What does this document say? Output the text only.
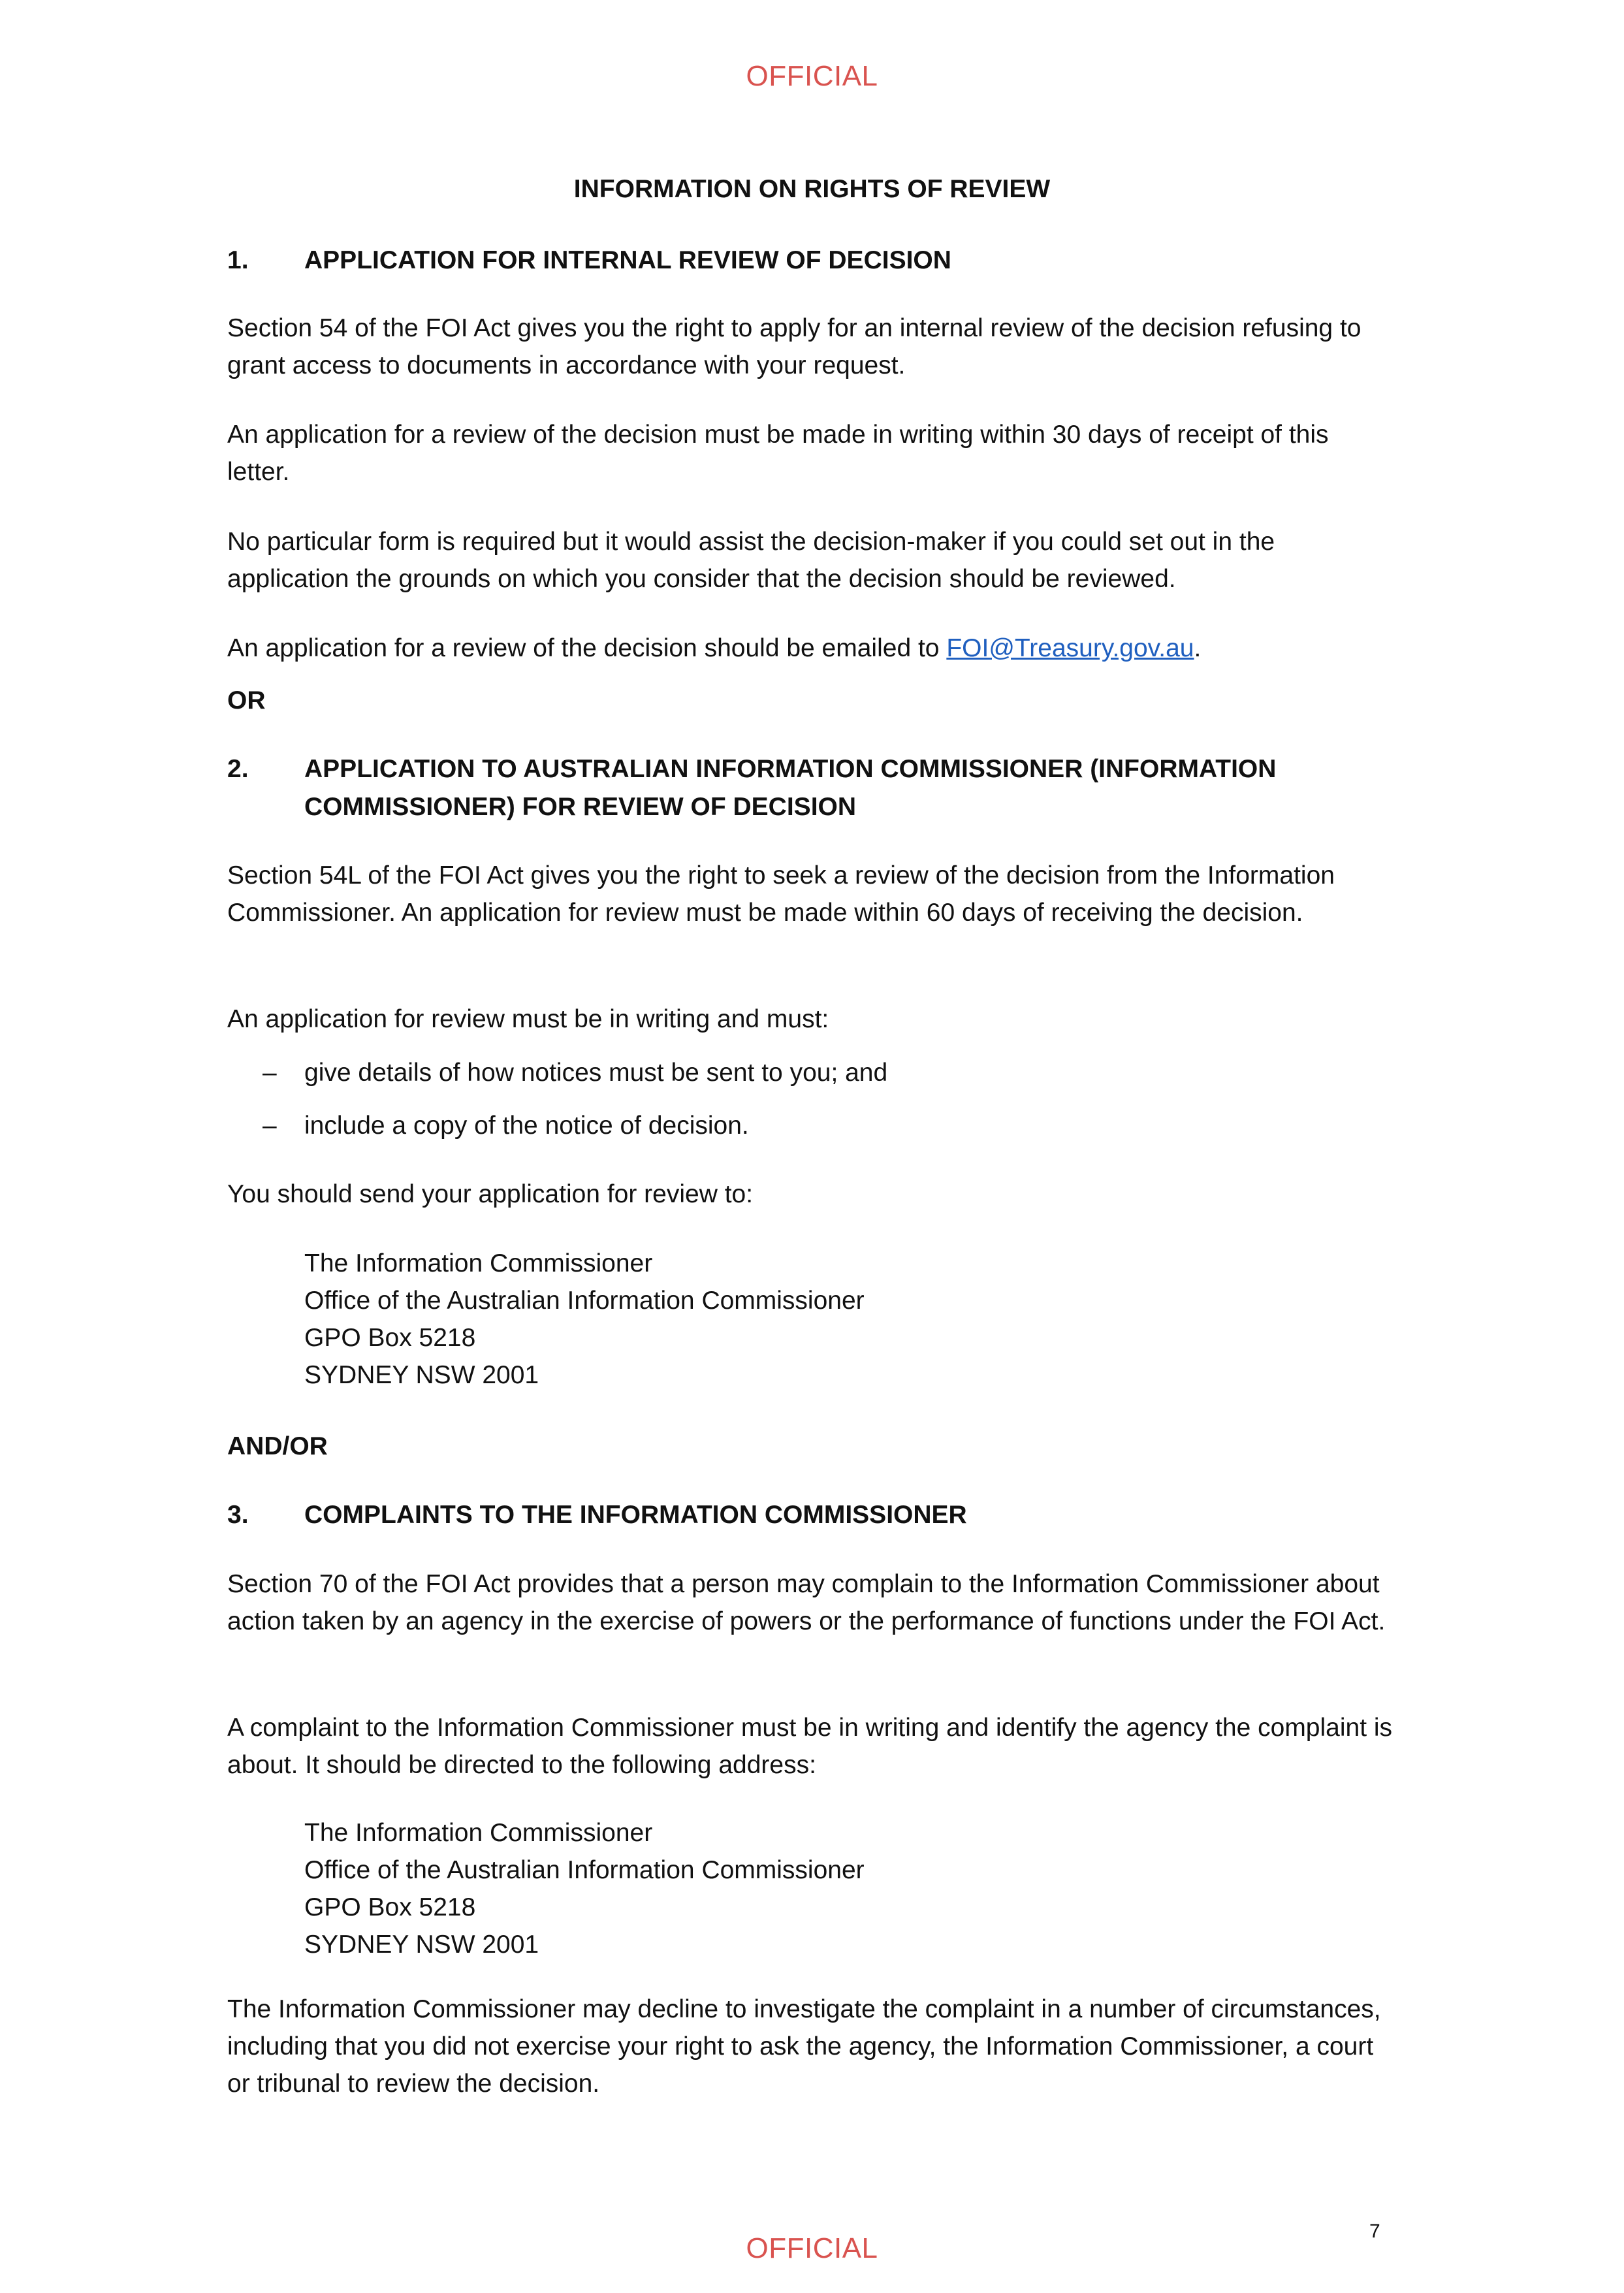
OFFICIAL
INFORMATION ON RIGHTS OF REVIEW
1.	APPLICATION FOR INTERNAL REVIEW OF DECISION
Section 54 of the FOI Act gives you the right to apply for an internal review of the decision refusing to grant access to documents in accordance with your request.
An application for a review of the decision must be made in writing within 30 days of receipt of this letter.
No particular form is required but it would assist the decision-maker if you could set out in the application the grounds on which you consider that the decision should be reviewed.
An application for a review of the decision should be emailed to FOI@Treasury.gov.au.
OR
2.	APPLICATION TO AUSTRALIAN INFORMATION COMMISSIONER (INFORMATION COMMISSIONER) FOR REVIEW OF DECISION
Section 54L of the FOI Act gives you the right to seek a review of the decision from the Information Commissioner. An application for review must be made within 60 days of receiving the decision.
An application for review must be in writing and must:
– give details of how notices must be sent to you; and
– include a copy of the notice of decision.
You should send your application for review to:
The Information Commissioner
Office of the Australian Information Commissioner
GPO Box 5218
SYDNEY NSW 2001
AND/OR
3.	COMPLAINTS TO THE INFORMATION COMMISSIONER
Section 70 of the FOI Act provides that a person may complain to the Information Commissioner about action taken by an agency in the exercise of powers or the performance of functions under the FOI Act.
A complaint to the Information Commissioner must be in writing and identify the agency the complaint is about. It should be directed to the following address:
The Information Commissioner
Office of the Australian Information Commissioner
GPO Box 5218
SYDNEY NSW 2001
The Information Commissioner may decline to investigate the complaint in a number of circumstances, including that you did not exercise your right to ask the agency, the Information Commissioner, a court or tribunal to review the decision.
7
OFFICIAL
